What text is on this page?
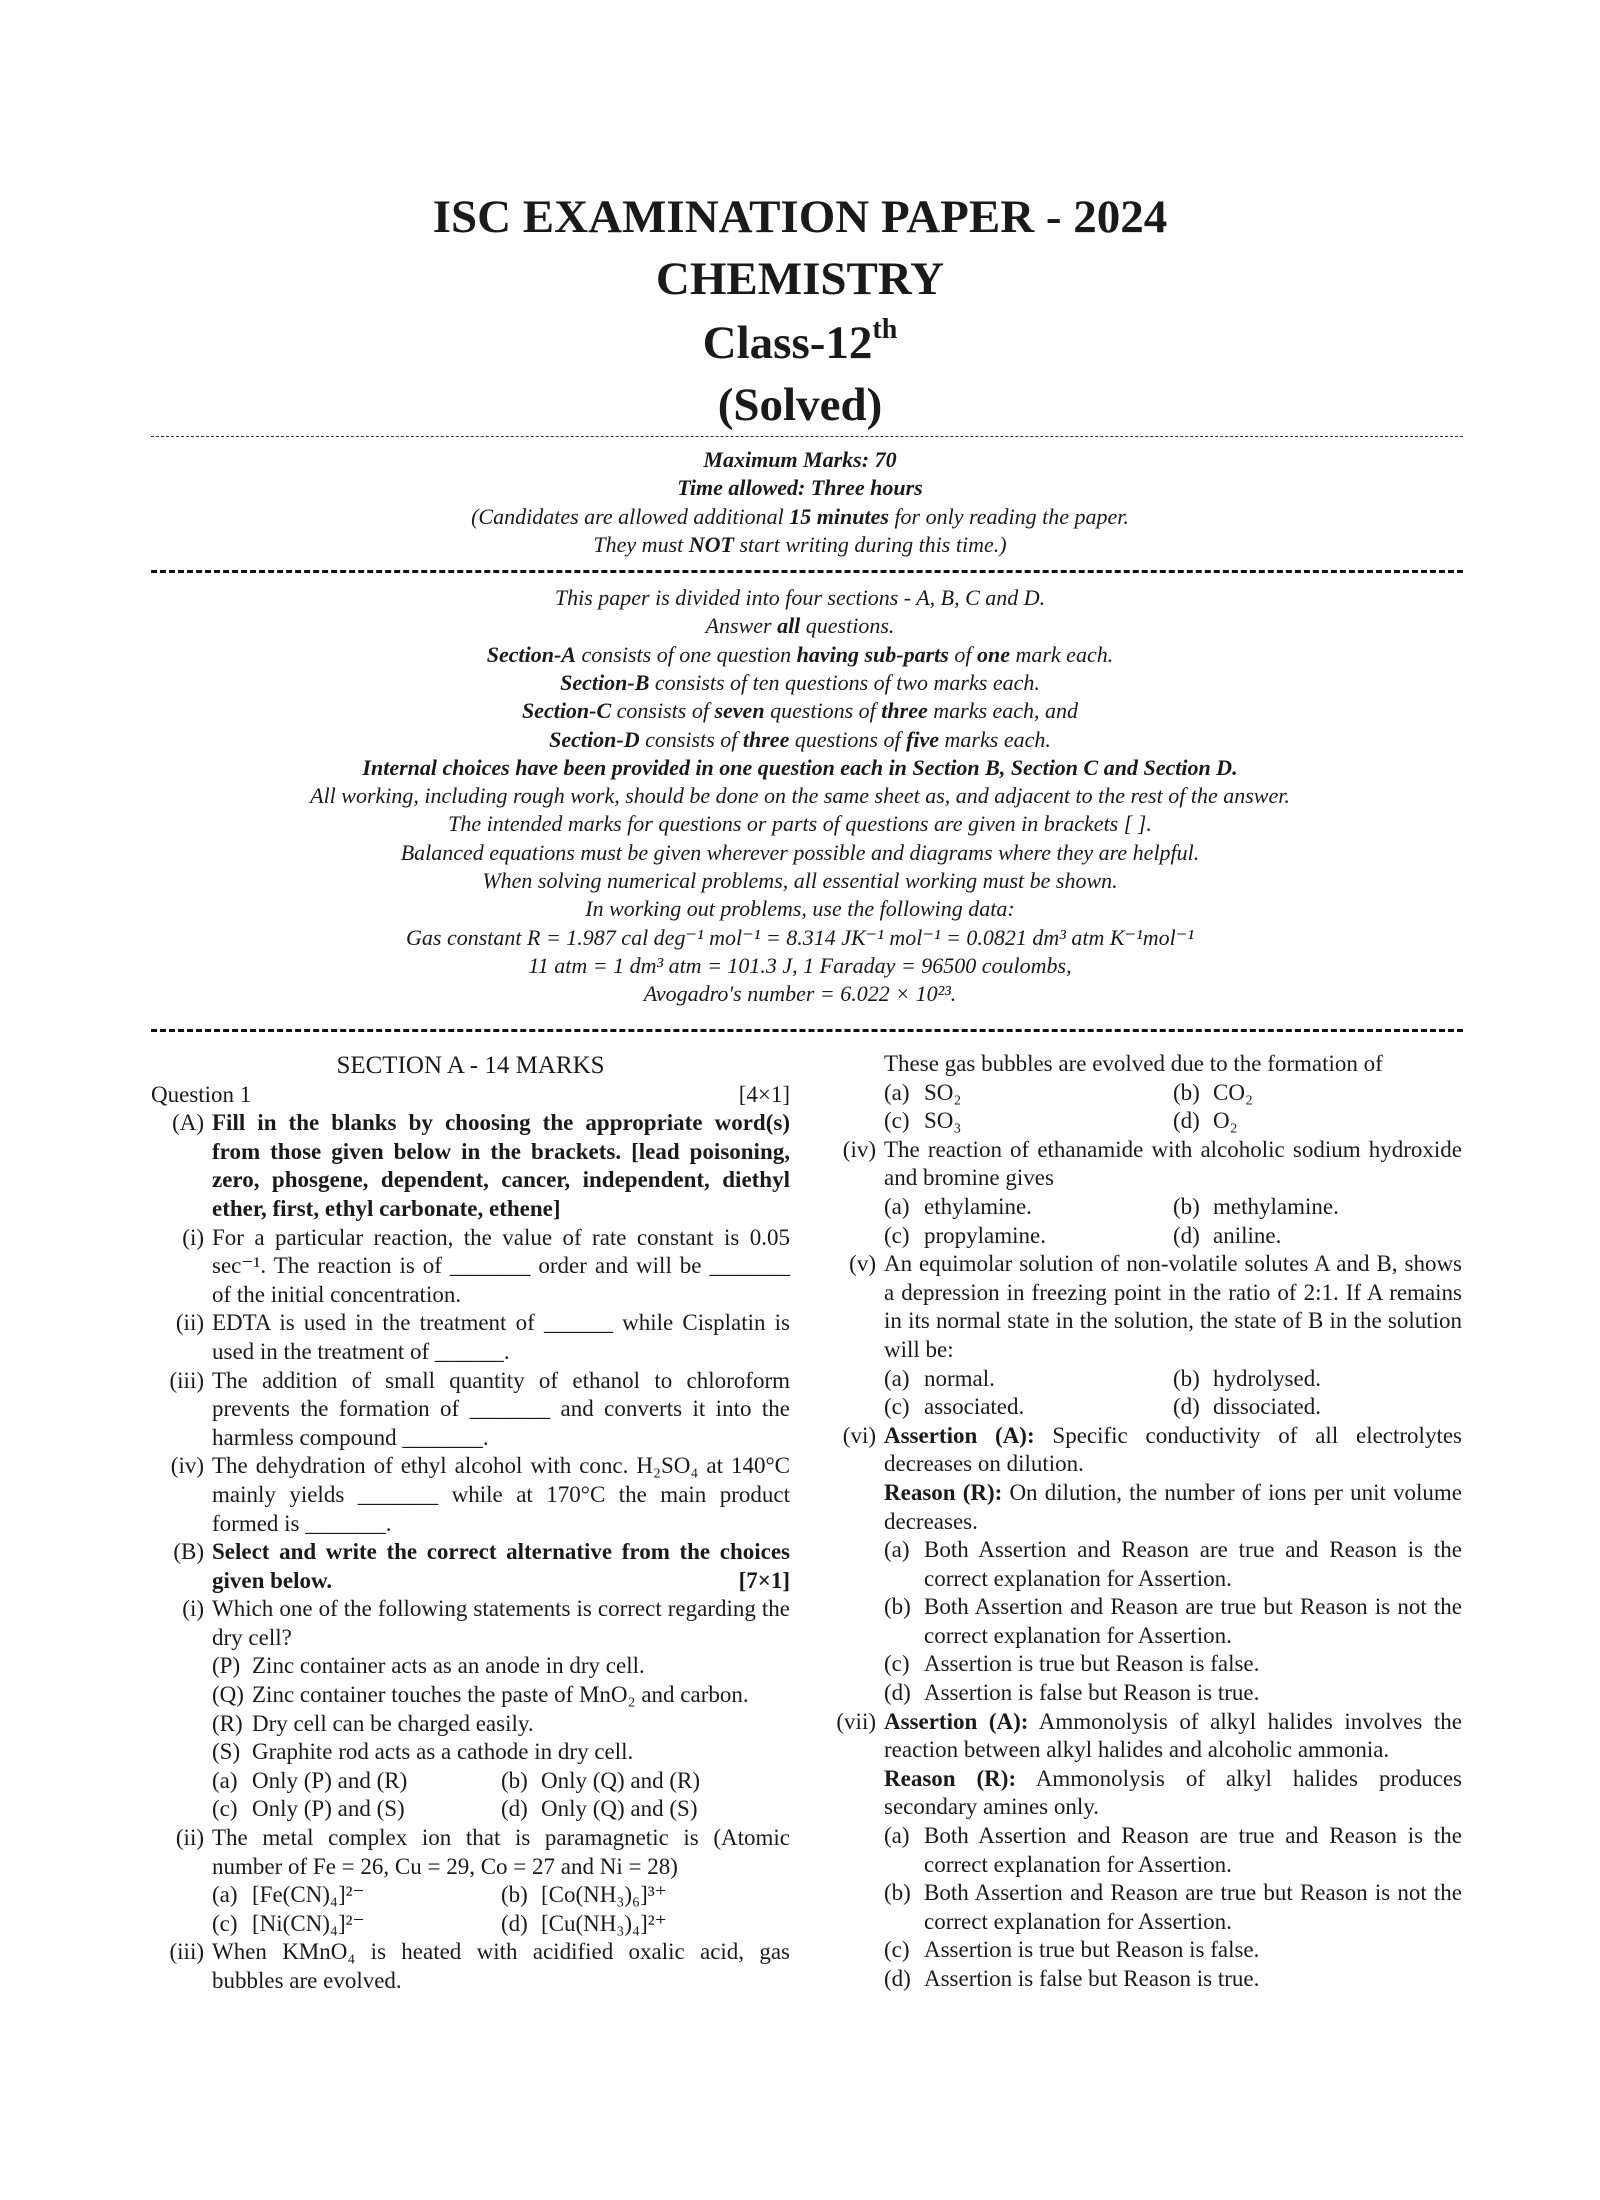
ISC EXAMINATION PAPER - 2024
CHEMISTRY
Class-12th
(Solved)
Maximum Marks: 70
Time allowed: Three hours
(Candidates are allowed additional 15 minutes for only reading the paper.
They must NOT start writing during this time.)
This paper is divided into four sections - A, B, C and D.
Answer all questions.
Section-A consists of one question having sub-parts of one mark each.
Section-B consists of ten questions of two marks each.
Section-C consists of seven questions of three marks each, and
Section-D consists of three questions of five marks each.
Internal choices have been provided in one question each in Section B, Section C and Section D.
All working, including rough work, should be done on the same sheet as, and adjacent to the rest of the answer.
The intended marks for questions or parts of questions are given in brackets [ ].
Balanced equations must be given wherever possible and diagrams where they are helpful.
When solving numerical problems, all essential working must be shown.
In working out problems, use the following data:
Gas constant R = 1.987 cal deg⁻¹ mol⁻¹ = 8.314 JK⁻¹ mol⁻¹ = 0.0821 dm³ atm K⁻¹mol⁻¹
11 atm = 1 dm³ atm = 101.3 J, 1 Faraday = 96500 coulombs,
Avogadro's number = 6.022 × 10²³.
SECTION A - 14 MARKS
Question 1	[4×1]
(A) Fill in the blanks by choosing the appropriate word(s) from those given below in the brackets. [lead poisoning, zero, phosgene, dependent, cancer, independent, diethyl ether, first, ethyl carbonate, ethene]
(i) For a particular reaction, the value of rate constant is 0.05 sec⁻¹. The reaction is of _______ order and will be _______ of the initial concentration.
(ii) EDTA is used in the treatment of ______ while Cisplatin is used in the treatment of ______.
(iii) The addition of small quantity of ethanol to chloroform prevents the formation of _______ and converts it into the harmless compound _______.
(iv) The dehydration of ethyl alcohol with conc. H₂SO₄ at 140°C mainly yields _______ while at 170°C the main product formed is _______.
(B) Select and write the correct alternative from the choices given below.	[7×1]
(i) Which one of the following statements is correct regarding the dry cell?
(P) Zinc container acts as an anode in dry cell.
(Q) Zinc container touches the paste of MnO₂ and carbon.
(R) Dry cell can be charged easily.
(S) Graphite rod acts as a cathode in dry cell.
(a) Only (P) and (R)	(b) Only (Q) and (R)
(c) Only (P) and (S)	(d) Only (Q) and (S)
(ii) The metal complex ion that is paramagnetic is (Atomic number of Fe = 26, Cu = 29, Co = 27 and Ni = 28)
(a) [Fe(CN)₄]²⁻	(b) [Co(NH₃)₆]³⁺
(c) [Ni(CN)₄]²⁻	(d) [Cu(NH₃)₄]²⁺
(iii) When KMnO₄ is heated with acidified oxalic acid, gas bubbles are evolved.
These gas bubbles are evolved due to the formation of
(a) SO₂	(b) CO₂
(c) SO₃	(d) O₂
(iv) The reaction of ethanamide with alcoholic sodium hydroxide and bromine gives
(a) ethylamine.	(b) methylamine.
(c) propylamine.	(d) aniline.
(v) An equimolar solution of non-volatile solutes A and B, shows a depression in freezing point in the ratio of 2:1. If A remains in its normal state in the solution, the state of B in the solution will be:
(a) normal.	(b) hydrolysed.
(c) associated.	(d) dissociated.
(vi) Assertion (A): Specific conductivity of all electrolytes decreases on dilution.
Reason (R): On dilution, the number of ions per unit volume decreases.
(a) Both Assertion and Reason are true and Reason is the correct explanation for Assertion.
(b) Both Assertion and Reason are true but Reason is not the correct explanation for Assertion.
(c) Assertion is true but Reason is false.
(d) Assertion is false but Reason is true.
(vii) Assertion (A): Ammonolysis of alkyl halides involves the reaction between alkyl halides and alcoholic ammonia.
Reason (R): Ammonolysis of alkyl halides produces secondary amines only.
(a) Both Assertion and Reason are true and Reason is the correct explanation for Assertion.
(b) Both Assertion and Reason are true but Reason is not the correct explanation for Assertion.
(c) Assertion is true but Reason is false.
(d) Assertion is false but Reason is true.
